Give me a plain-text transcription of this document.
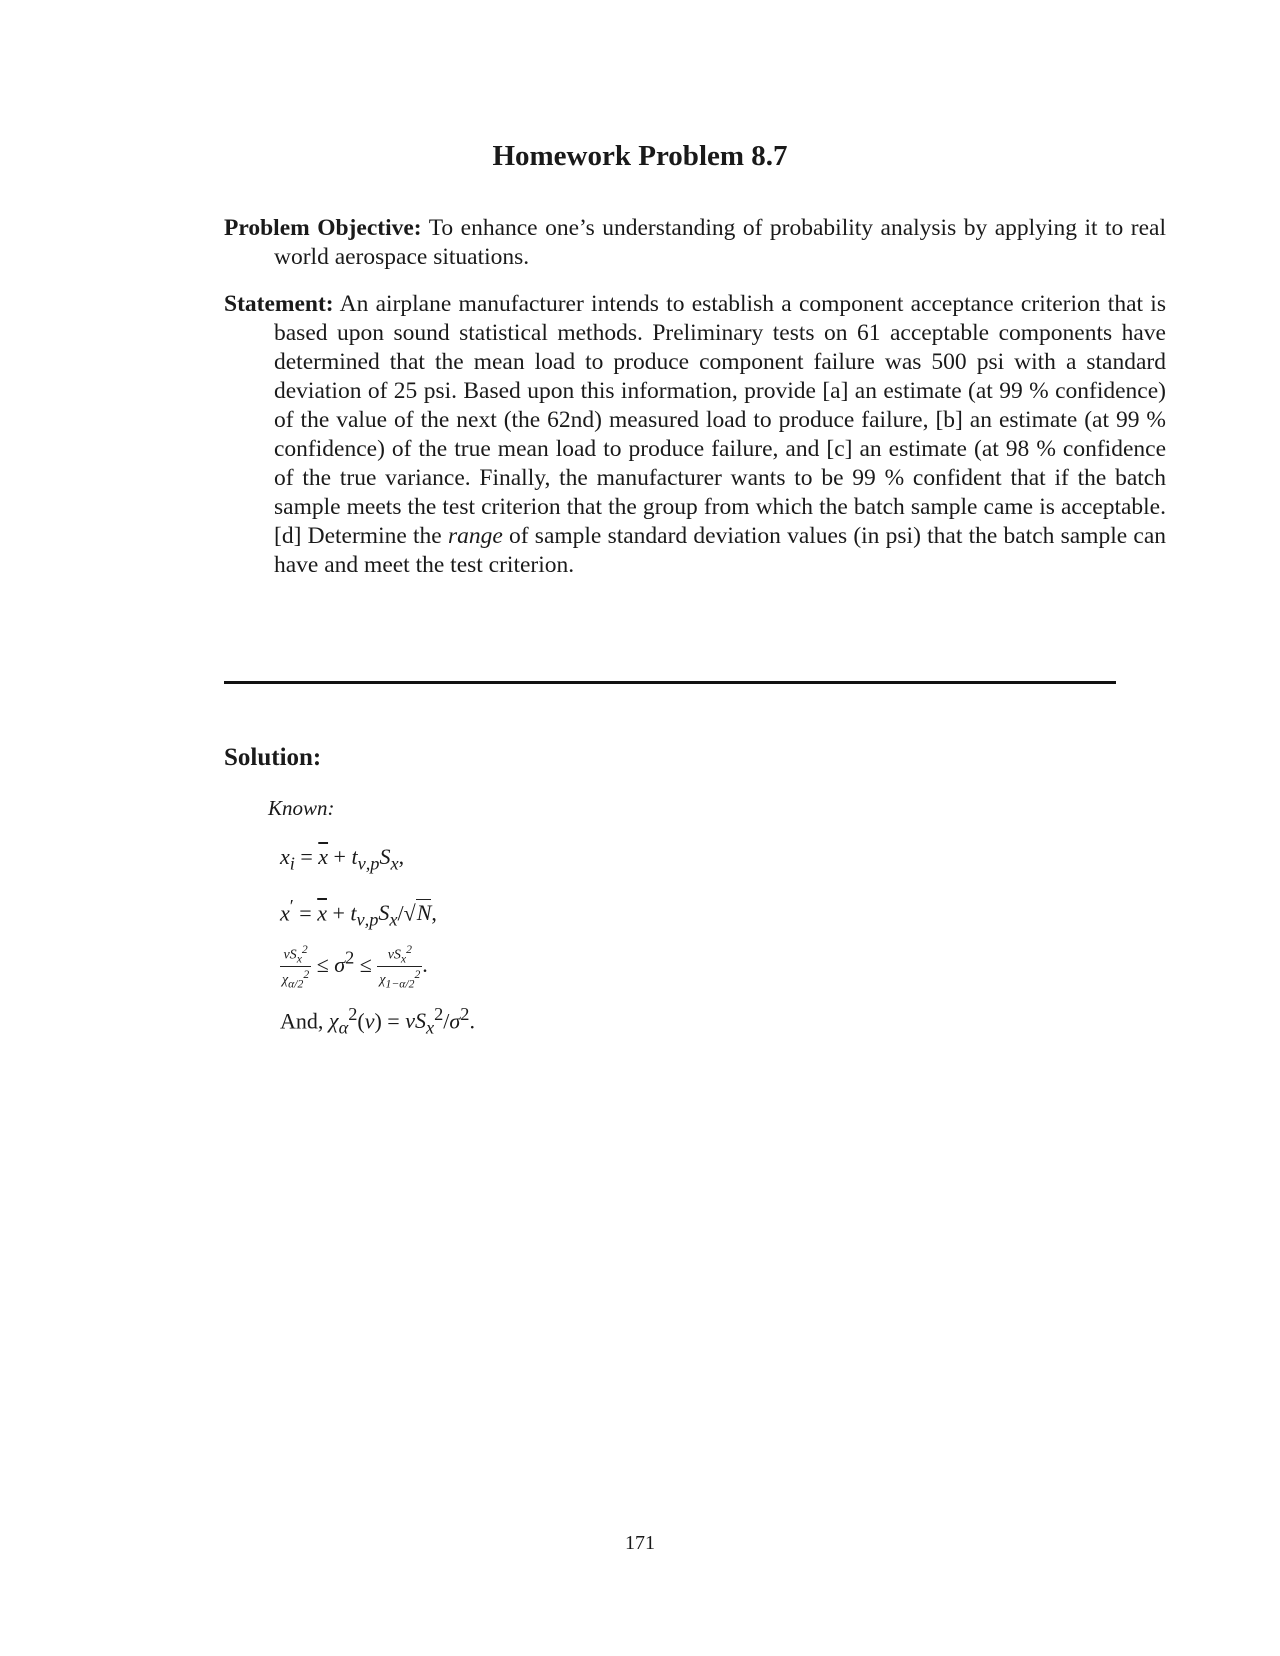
Homework Problem 8.7
Problem Objective: To enhance one’s understanding of probability analysis by applying it to real world aerospace situations.
Statement: An airplane manufacturer intends to establish a component acceptance criterion that is based upon sound statistical methods. Preliminary tests on 61 acceptable components have determined that the mean load to produce component failure was 500 psi with a standard deviation of 25 psi. Based upon this information, provide [a] an estimate (at 99 % confidence) of the value of the next (the 62nd) measured load to produce failure, [b] an estimate (at 99 % confidence) of the true mean load to produce failure, and [c] an estimate (at 98 % confidence of the true variance. Finally, the manufacturer wants to be 99 % confident that if the batch sample meets the test criterion that the group from which the batch sample came is acceptable. [d] Determine the range of sample standard deviation values (in psi) that the batch sample can have and meet the test criterion.
Solution:
Known:
$x_i = \overline{x} + t_{\nu,p}S_x$,
$x' = \overline{x} + t_{\nu,p}S_x/√N$,
$\frac{\nu S_x^2}{\chi_{\alpha/2}^2} \le \sigma^2 \le \frac{\nu S_x^2}{\chi_{1-\alpha/2}^2}$ .
And, $\chi_\alpha^2(\nu) = \nu S_x^2/\sigma^2$.
171
